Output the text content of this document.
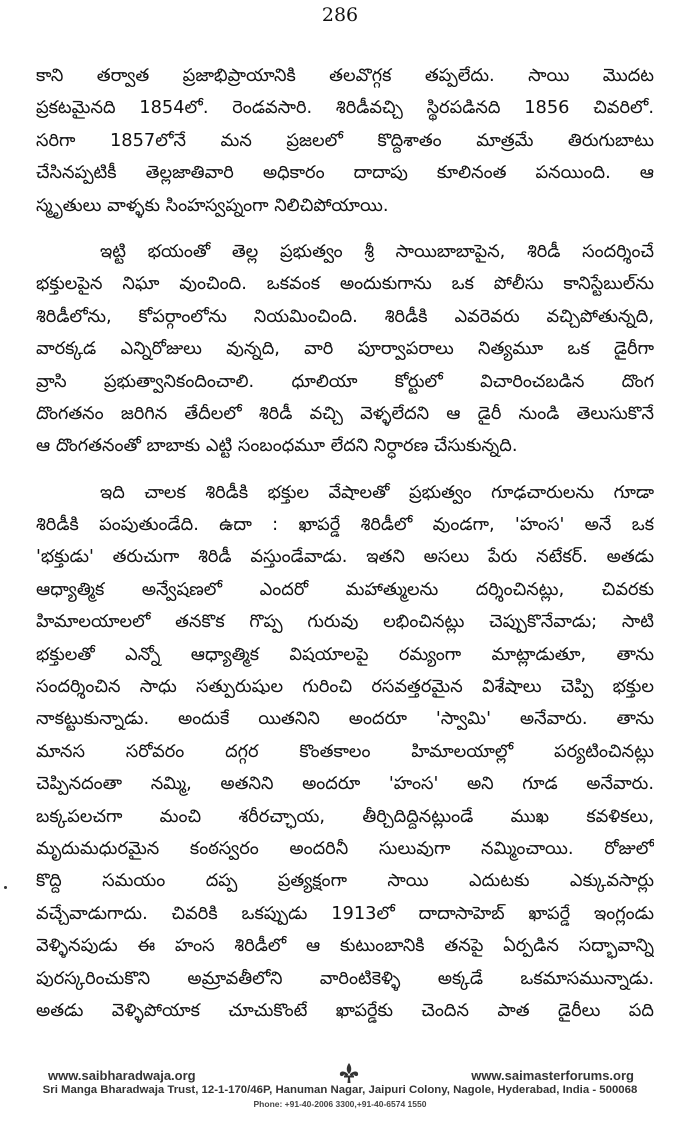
286
కాని తర్వాత ప్రజాభిప్రాయానికి తలవొగ్గక తప్పలేదు. సాయి మొదట
ప్రకటమైనది 1854లో. రెండవసారి. శిరిడీవచ్చి స్థిరపడినది 1856 చివరిలో.
సరిగా 1857లోనే మన ప్రజలలో కొద్దిశాతం మాత్రమే తిరుగుబాటు
చేసినప్పటికీ తెల్లజాతివారి అధికారం దాదాపు కూలినంత పనయింది. ఆ
స్మృతులు వాళ్ళకు సింహస్వప్నంగా నిలిచిపోయాయి.
ఇట్టి భయంతో తెల్ల ప్రభుత్వం శ్రీ సాయిబాబాపైన, శిరిడీ సందర్శించే
భక్తులపైన నిఘా వుంచింది. ఒకవంక అందుకుగాను ఒక పోలీసు కానిస్టేబుల్‌ను
శిరిడీలోను, కోపర్గాంలోను నియమించింది. శిరిడీకి ఎవరెవరు వచ్చిపోతున్నది,
వారక్కడ ఎన్నిరోజులు వున్నది, వారి పూర్వాపరాలు నిత్యమూ ఒక డైరీగా
వ్రాసి ప్రభుత్వానికందించాలి. ధూలియా కోర్టులో విచారించబడిన దొంగ
దొంగతనం జరిగిన తేదీలలో శిరిడీ వచ్చి వెళ్ళలేదని ఆ డైరీ నుండి తెలుసుకొనే
ఆ దొంగతనంతో బాబాకు ఎట్టి సంబంధమూ లేదని నిర్ధారణ చేసుకున్నది.
ఇది చాలక శిరిడీకి భక్తుల వేషాలతో ప్రభుత్వం గూఢచారులను గూడా
శిరిడీకి పంపుతుండేది. ఉదా : ఖాపర్డే శిరిడీలో వుండగా, 'హంస' అనే ఒక
'భక్తుడు' తరుచుగా శిరిడీ వస్తుండేవాడు. ఇతని అసలు పేరు నటేకర్. అతడు
ఆధ్యాత్మిక అన్వేషణలో ఎందరో మహాత్ములను దర్శించినట్లు, చివరకు
హిమాలయాలలో తనకొక గొప్ప గురువు లభించినట్లు చెప్పుకొనేవాడు; సాటి
భక్తులతో ఎన్నో ఆధ్యాత్మిక విషయాలపై రమ్యంగా మాట్లాడుతూ, తాను
సందర్శించిన సాధు సత్పురుషుల గురించి రసవత్తరమైన విశేషాలు చెప్పి భక్తుల
నాకట్టుకున్నాడు. అందుకే యితనిని అందరూ 'స్వామి' అనేవారు. తాను
మానస సరోవరం దగ్గర కొంతకాలం హిమాలయాల్లో పర్యటించినట్లు
చెప్పినదంతా నమ్మి, అతనిని అందరూ 'హంస' అని గూడ అనేవారు.
బక్కపలచగా మంచి శరీరచ్ఛాయ, తీర్చిదిద్దినట్లుండే ముఖ కవళికలు,
మృదుమధురమైన కంఠస్వరం అందరినీ సులువుగా నమ్మించాయి. రోజులో
కొద్ది సమయం దప్ప ప్రత్యక్షంగా సాయి ఎదుటకు ఎక్కువసార్లు
వచ్చేవాడుగాదు. చివరికి ఒకప్పుడు 1913లో దాదాసాహెబ్ ఖాపర్డే ఇంగ్లండు
వెళ్ళినపుడు ఈ హంస శిరిడీలో ఆ కుటుంబానికి తనపై ఏర్పడిన సద్భావాన్ని
పురస్కరించుకొని అమ్రావతీలోని వారింటికెళ్ళి అక్కడే ఒకమాసమున్నాడు.
అతడు వెళ్ళిపోయాక చూచుకొంటే ఖాపర్డేకు చెందిన పాత డైరీలు పది
www.saibharadwaja.org	www.saimasterforums.org
Sri Manga Bharadwaja Trust, 12-1-170/46P, Hanuman Nagar, Jaipuri Colony, Nagole, Hyderabad, India - 500068
Phone: +91-40-2006 3300,+91-40-6574 1550
